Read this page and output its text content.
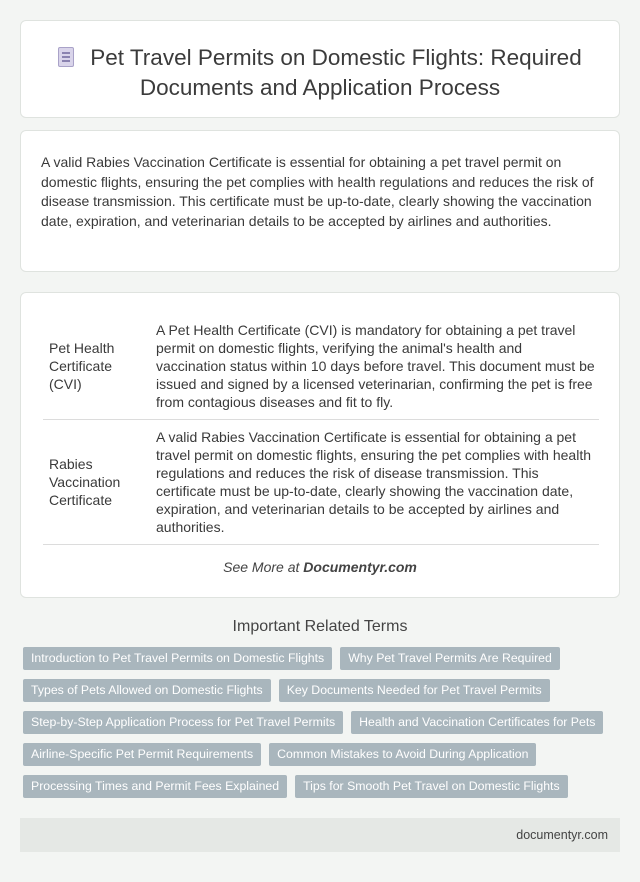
Pet Travel Permits on Domestic Flights: Required Documents and Application Process

A valid Rabies Vaccination Certificate is essential for obtaining a pet travel permit on domestic flights, ensuring the pet complies with health regulations and reduces the risk of disease transmission. This certificate must be up-to-date, clearly showing the vaccination date, expiration, and veterinarian details to be accepted by airlines and authorities.

Pet Health Certificate (CVI)	A Pet Health Certificate (CVI) is mandatory for obtaining a pet travel permit on domestic flights, verifying the animal's health and vaccination status within 10 days before travel. This document must be issued and signed by a licensed veterinarian, confirming the pet is free from contagious diseases and fit to fly.
Rabies Vaccination Certificate	A valid Rabies Vaccination Certificate is essential for obtaining a pet travel permit on domestic flights, ensuring the pet complies with health regulations and reduces the risk of disease transmission. This certificate must be up-to-date, clearly showing the vaccination date, expiration, and veterinarian details to be accepted by airlines and authorities.
See More at Documentyr.com
Important Related Terms
Introduction to Pet Travel Permits on Domestic Flights	Why Pet Travel Permits Are Required
Types of Pets Allowed on Domestic Flights	Key Documents Needed for Pet Travel Permits
Step-by-Step Application Process for Pet Travel Permits	Health and Vaccination Certificates for Pets
Airline-Specific Pet Permit Requirements	Common Mistakes to Avoid During Application
Processing Times and Permit Fees Explained	Tips for Smooth Pet Travel on Domestic Flights
documentyr.com
